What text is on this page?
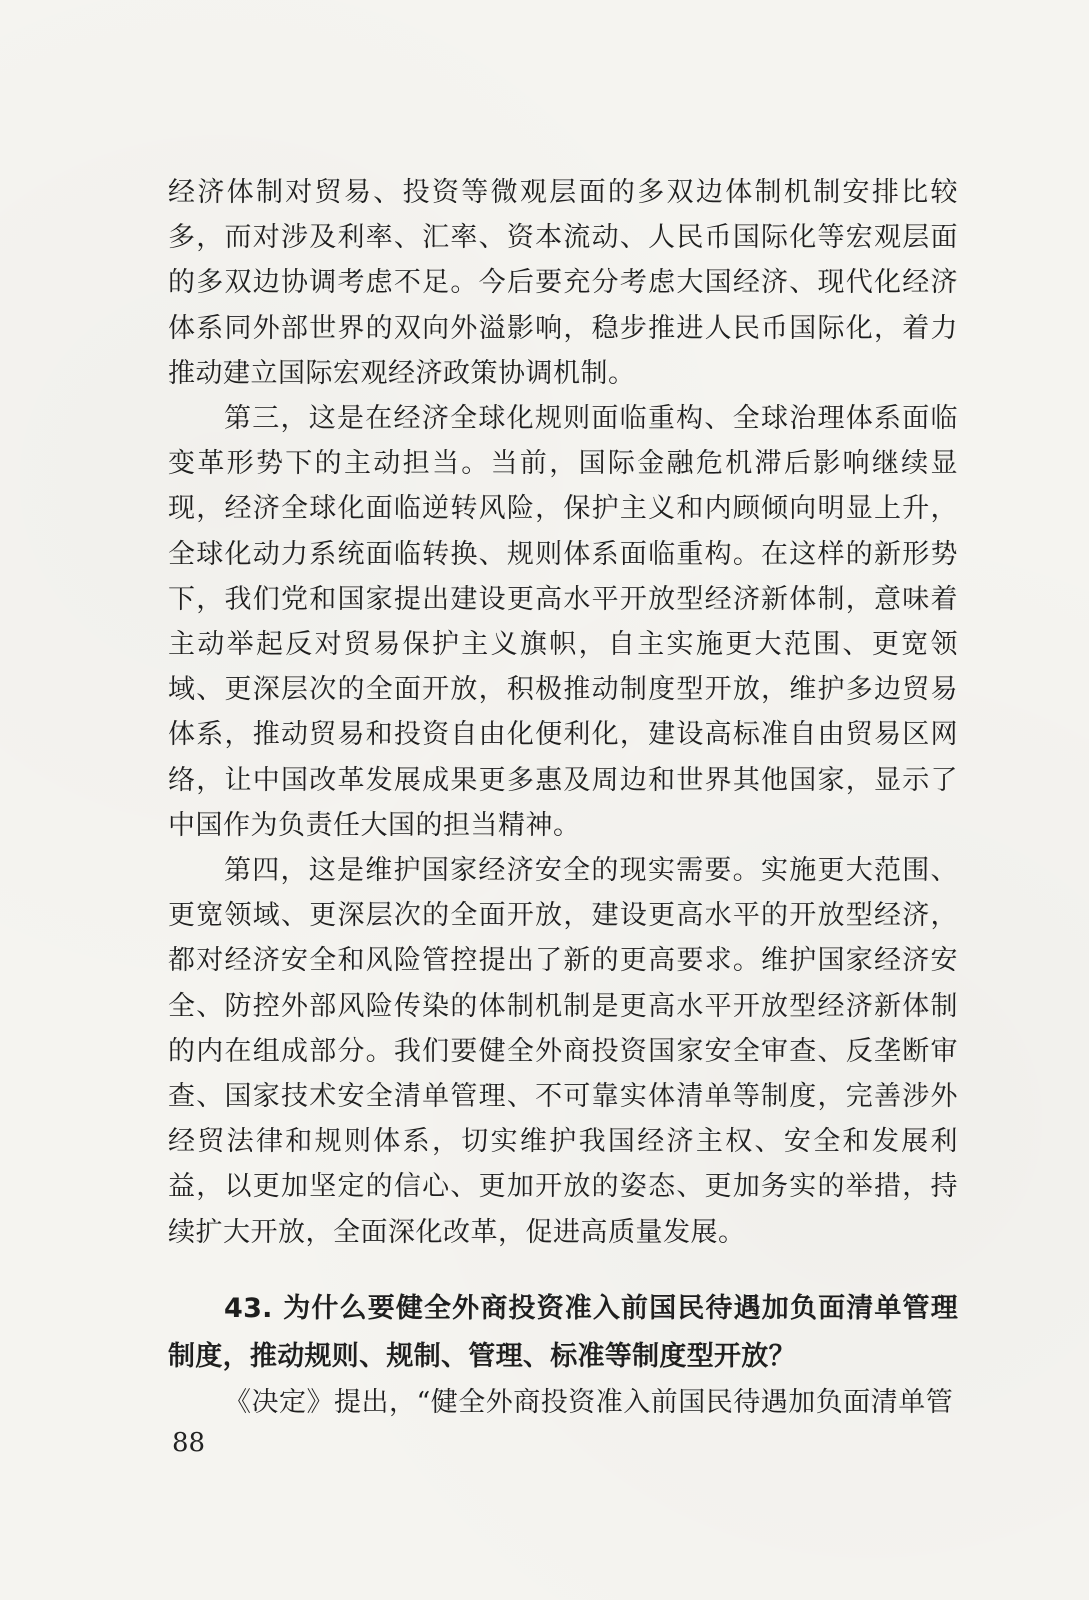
经济体制对贸易、投资等微观层面的多双边体制机制安排比较多，而对涉及利率、汇率、资本流动、人民币国际化等宏观层面的多双边协调考虑不足。今后要充分考虑大国经济、现代化经济体系同外部世界的双向外溢影响，稳步推进人民币国际化，着力推动建立国际宏观经济政策协调机制。

第三，这是在经济全球化规则面临重构、全球治理体系面临变革形势下的主动担当。当前，国际金融危机滞后影响继续显现，经济全球化面临逆转风险，保护主义和内顾倾向明显上升，全球化动力系统面临转换、规则体系面临重构。在这样的新形势下，我们党和国家提出建设更高水平开放型经济新体制，意味着主动举起反对贸易保护主义旗帜，自主实施更大范围、更宽领域、更深层次的全面开放，积极推动制度型开放，维护多边贸易体系，推动贸易和投资自由化便利化，建设高标准自由贸易区网络，让中国改革发展成果更多惠及周边和世界其他国家，显示了中国作为负责任大国的担当精神。

第四，这是维护国家经济安全的现实需要。实施更大范围、更宽领域、更深层次的全面开放，建设更高水平的开放型经济，都对经济安全和风险管控提出了新的更高要求。维护国家经济安全、防控外部风险传染的体制机制是更高水平开放型经济新体制的内在组成部分。我们要健全外商投资国家安全审查、反垄断审查、国家技术安全清单管理、不可靠实体清单等制度，完善涉外经贸法律和规则体系，切实维护我国经济主权、安全和发展利益，以更加坚定的信心、更加开放的姿态、更加务实的举措，持续扩大开放，全面深化改革，促进高质量发展。

43. 为什么要健全外商投资准入前国民待遇加负面清单管理制度，推动规则、规制、管理、标准等制度型开放？
《决定》提出，“健全外商投资准入前国民待遇加负面清单管
88
